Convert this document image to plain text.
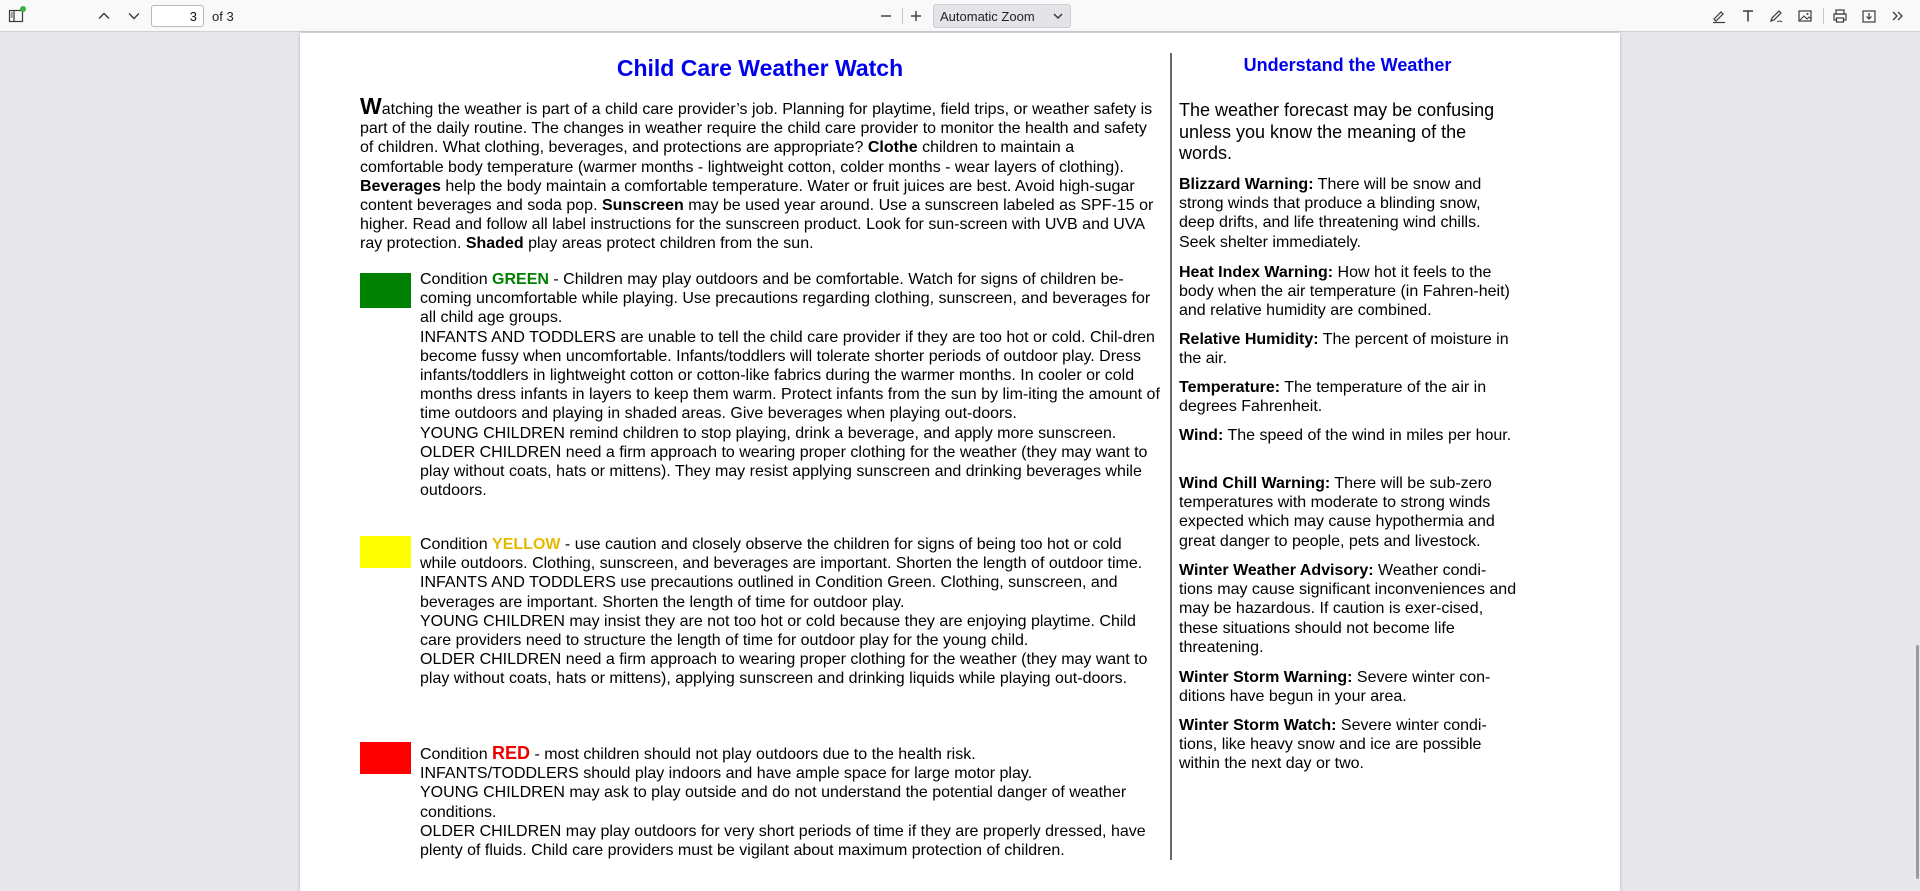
3
of 3	Automatic Zoom
Child Care Weather Watch

Watching the weather is part of a child care provider’s job. Planning for playtime, field trips, or weather safety is part of the daily routine. The changes in weather require the child care provider to monitor the health and safety of children. What clothing, beverages, and protections are appropriate? Clothe children to maintain a comfortable body temperature (warmer months - lightweight cotton, colder months - wear layers of clothing). Beverages help the body maintain a comfortable temperature. Water or fruit juices are best. Avoid high-sugar content beverages and soda pop. Sunscreen may be used year around. Use a sunscreen labeled as SPF-15 or higher. Read and follow all label instructions for the sunscreen product. Look for sun-screen with UVB and UVA ray protection. Shaded play areas protect children from the sun.

Condition GREEN - Children may play outdoors and be comfortable. Watch for signs of children be-coming uncomfortable while playing. Use precautions regarding clothing, sunscreen, and beverages for all child age groups.

INFANTS AND TODDLERS are unable to tell the child care provider if they are too hot or cold. Chil-dren become fussy when uncomfortable. Infants/toddlers will tolerate shorter periods of outdoor play. Dress infants/toddlers in lightweight cotton or cotton-like fabrics during the warmer months. In cooler or cold months dress infants in layers to keep them warm. Protect infants from the sun by lim-iting the amount of time outdoors and playing in shaded areas. Give beverages when playing out-doors.

YOUNG CHILDREN remind children to stop playing, drink a beverage, and apply more sunscreen.

OLDER CHILDREN need a firm approach to wearing proper clothing for the weather (they may want to play without coats, hats or mittens). They may resist applying sunscreen and drinking beverages while outdoors.

Condition YELLOW - use caution and closely observe the children for signs of being too hot or cold while outdoors. Clothing, sunscreen, and beverages are important. Shorten the length of outdoor time.

INFANTS AND TODDLERS use precautions outlined in Condition Green. Clothing, sunscreen, and beverages are important. Shorten the length of time for outdoor play.

YOUNG CHILDREN may insist they are not too hot or cold because they are enjoying playtime. Child care providers need to structure the length of time for outdoor play for the young child.

OLDER CHILDREN need a firm approach to wearing proper clothing for the weather (they may want to play without coats, hats or mittens), applying sunscreen and drinking liquids while playing out-doors.

Condition RED - most children should not play outdoors due to the health risk.

INFANTS/TODDLERS should play indoors and have ample space for large motor play.

YOUNG CHILDREN may ask to play outside and do not understand the potential danger of weather conditions.

OLDER CHILDREN may play outdoors for very short periods of time if they are properly dressed, have plenty of fluids. Child care providers must be vigilant about maximum protection of children.

Understand the Weather

The weather forecast may be confusing unless you know the meaning of the words.

Blizzard Warning: There will be snow and strong winds that produce a blinding snow, deep drifts, and life threatening wind chills. Seek shelter immediately.

Heat Index Warning: How hot it feels to the body when the air temperature (in Fahren-heit) and relative humidity are combined.

Relative Humidity: The percent of moisture in the air.

Temperature: The temperature of the air in degrees Fahrenheit.

Wind: The speed of the wind in miles per hour.

Wind Chill Warning: There will be sub-zero temperatures with moderate to strong winds expected which may cause hypothermia and great danger to people, pets and livestock.

Winter Weather Advisory: Weather condi-tions may cause significant inconveniences and may be hazardous. If caution is exer-cised, these situations should not become life threatening.

Winter Storm Warning: Severe winter con-ditions have begun in your area.

Winter Storm Watch: Severe winter condi-tions, like heavy snow and ice are possible within the next day or two.
